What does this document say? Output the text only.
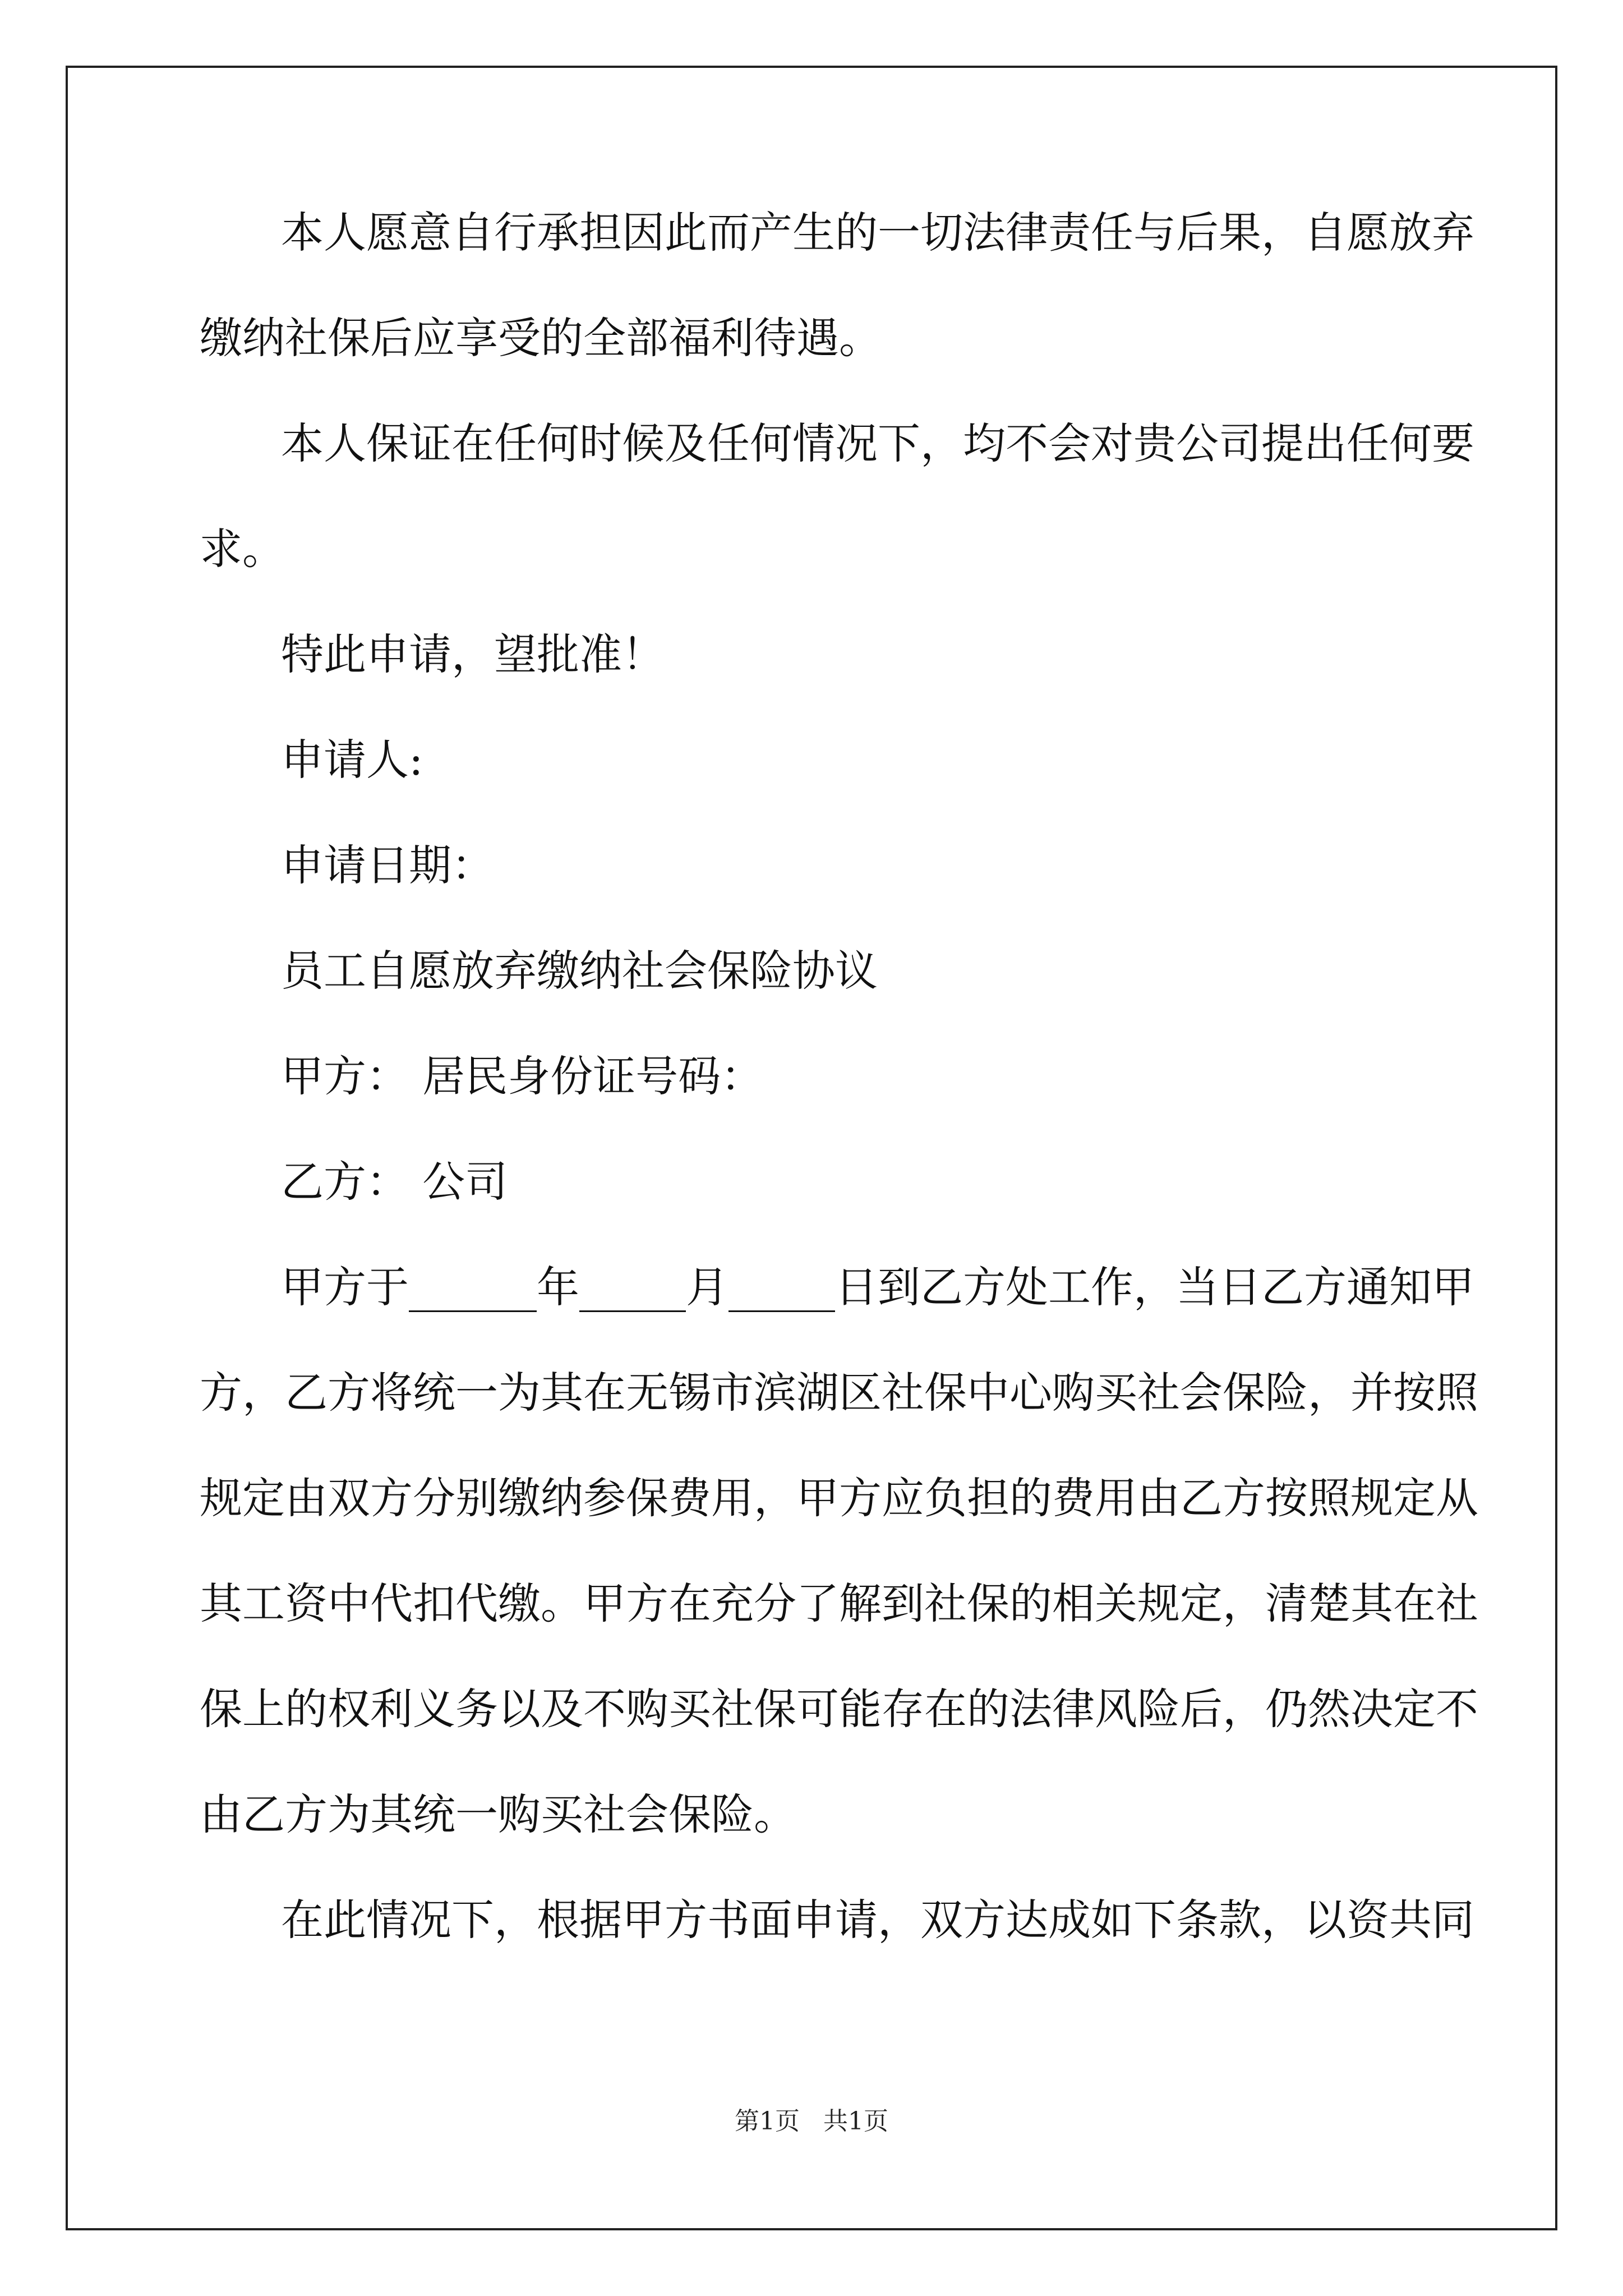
本人愿意自行承担因此而产生的一切法律责任与后果，自愿放弃
缴纳社保后应享受的全部福利待遇。
本人保证在任何时候及任何情况下，均不会对贵公司提出任何要
求。
特此申请，望批准！
申请人:
申请日期：
员工自愿放弃缴纳社会保险协议
甲方： 居民身份证号码：
乙方： 公司
甲方于______年_____月_____日到乙方处工作，当日乙方通知甲
方，乙方将统一为其在无锡市滨湖区社保中心购买社会保险，并按照
规定由双方分别缴纳参保费用，甲方应负担的费用由乙方按照规定从
其工资中代扣代缴。甲方在充分了解到社保的相关规定，清楚其在社
保上的权利义务以及不购买社保可能存在的法律风险后，仍然决定不
由乙方为其统一购买社会保险。
在此情况下，根据甲方书面申请，双方达成如下条款，以资共同
第1页   共1页
